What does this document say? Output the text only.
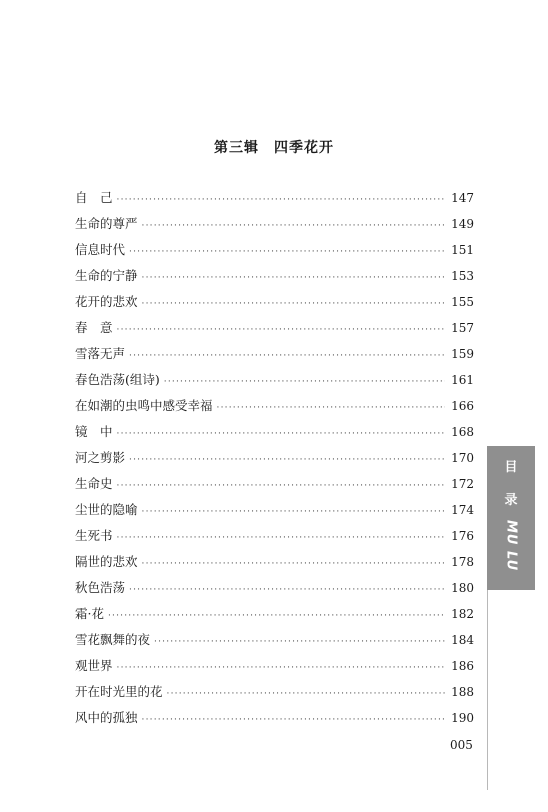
第三辑　四季花开
自　己 ·····	147
生命的尊严 ·····	149
信息时代 ·····	151
生命的宁静 ·····	153
花开的悲欢 ·····	155
春　意 ·····	157
雪落无声 ·····	159
春色浩荡(组诗) ·····	161
在如潮的虫鸣中感受幸福 ·····	166
镜　中 ·····	168
河之剪影 ·····	170
生命史 ·····	172
尘世的隐喻 ·····	174
生死书 ·····	176
隔世的悲欢 ·····	178
秋色浩荡 ·····	180
霜·花 ·····	182
雪花飘舞的夜 ·····	184
观世界 ·····	186
开在时光里的花 ·····	188
风中的孤独 ·····	190
005
目
录
MU LU
